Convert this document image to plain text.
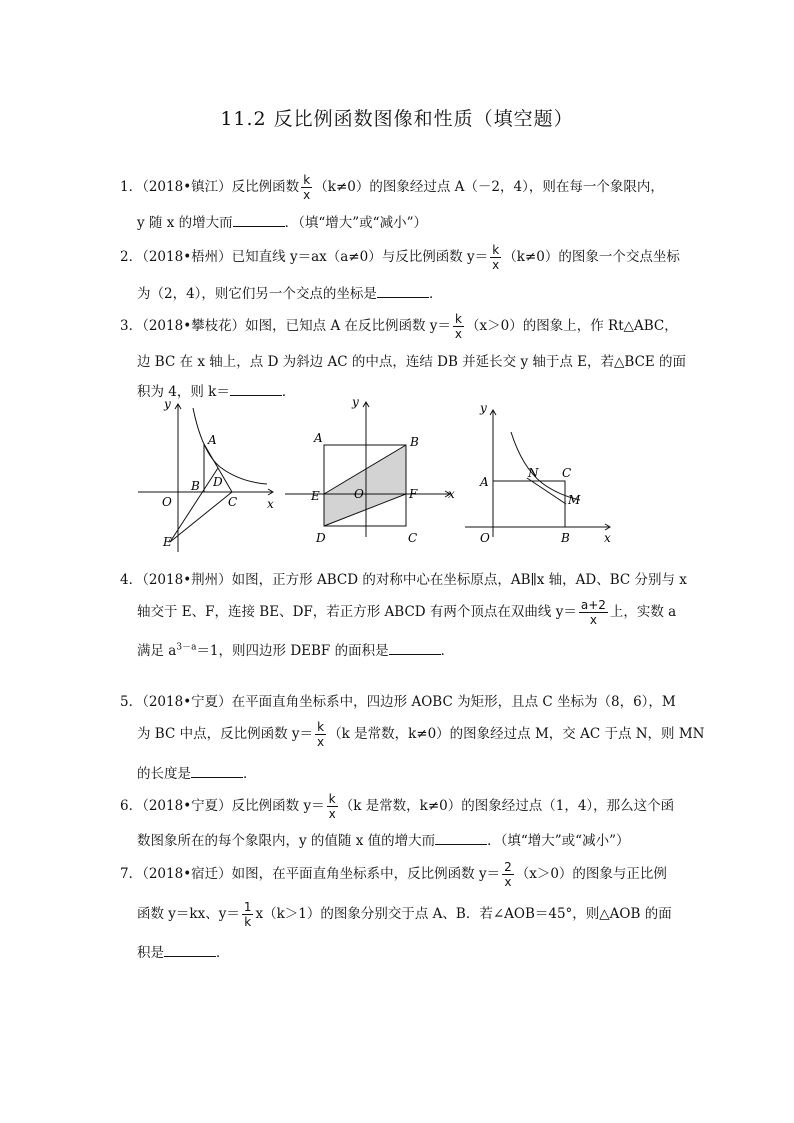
11.2 反比例函数图像和性质（填空题）
1．（2018•镇江）反比例函数 $\frac{k}{x} (k\ne 0)$的图象经过点 A（－2，4），则在每一个象限内，
y 随 x 的增大而	．（填“增大”或“减小”）
2．（2018•梧州）已知直线 y＝ax（a≠0）与反比例函数 $y= \frac{k}{x} (k\ne 0)$的图象一个交点坐标
为（2，4），则它们另一个交点的坐标是	．
3．（2018•攀枝花）如图，已知点 A 在反比例函数 $y= \frac{k}{x} (x>0)$的图象上，作 Rt△ABC，
边 BC 在 x 轴上，点 D 为斜边 AC 的中点，连结 DB 并延长交 y 轴于点 E，若△BCE 的面
积为 4，则 k＝	．
y
x
A
B D
O	C
E
y
x
A	B
E	O	F
D	C
y
x
A
N C
M
O	B
4．（2018•荆州）如图，正方形 ABCD 的对称中心在坐标原点，AB∥x 轴，AD、BC 分别与 x
轴交于 E、F，连接 BE、DF，若正方形 ABCD 有两个顶点在双曲线 $y= \frac{a+2}{x}$ 上，实数 a
满足 $a^{3-a}=1$，则四边形 DEBF 的面积是	．
5．（2018•宁夏）在平面直角坐标系中，四边形 AOBC 为矩形，且点 C 坐标为（8，6），M
为 BC 中点，反比例函数 $y= \frac{k}{x} (k$ 是常数，k≠0）的图象经过点 M，交 AC 于点 N，则 MN
的长度是	．
6．（2018•宁夏）反比例函数 $y= \frac{k}{x} (k$ 是常数，k≠0）的图象经过点（1，4），那么这个函
数图象所在的每个象限内，y 的值随 x 值的增大而	．（填“增大”或“减小”）
7．（2018•宿迁）如图，在平面直角坐标系中，反比例函数 $y= \frac{2}{x} (x>0)$的图象与正比例
函数 y＝kx、$y= \frac{1}{k} x(k>1)$的图象分别交于点 A、B．若∠AOB＝45°，则△AOB 的面
积是	．
